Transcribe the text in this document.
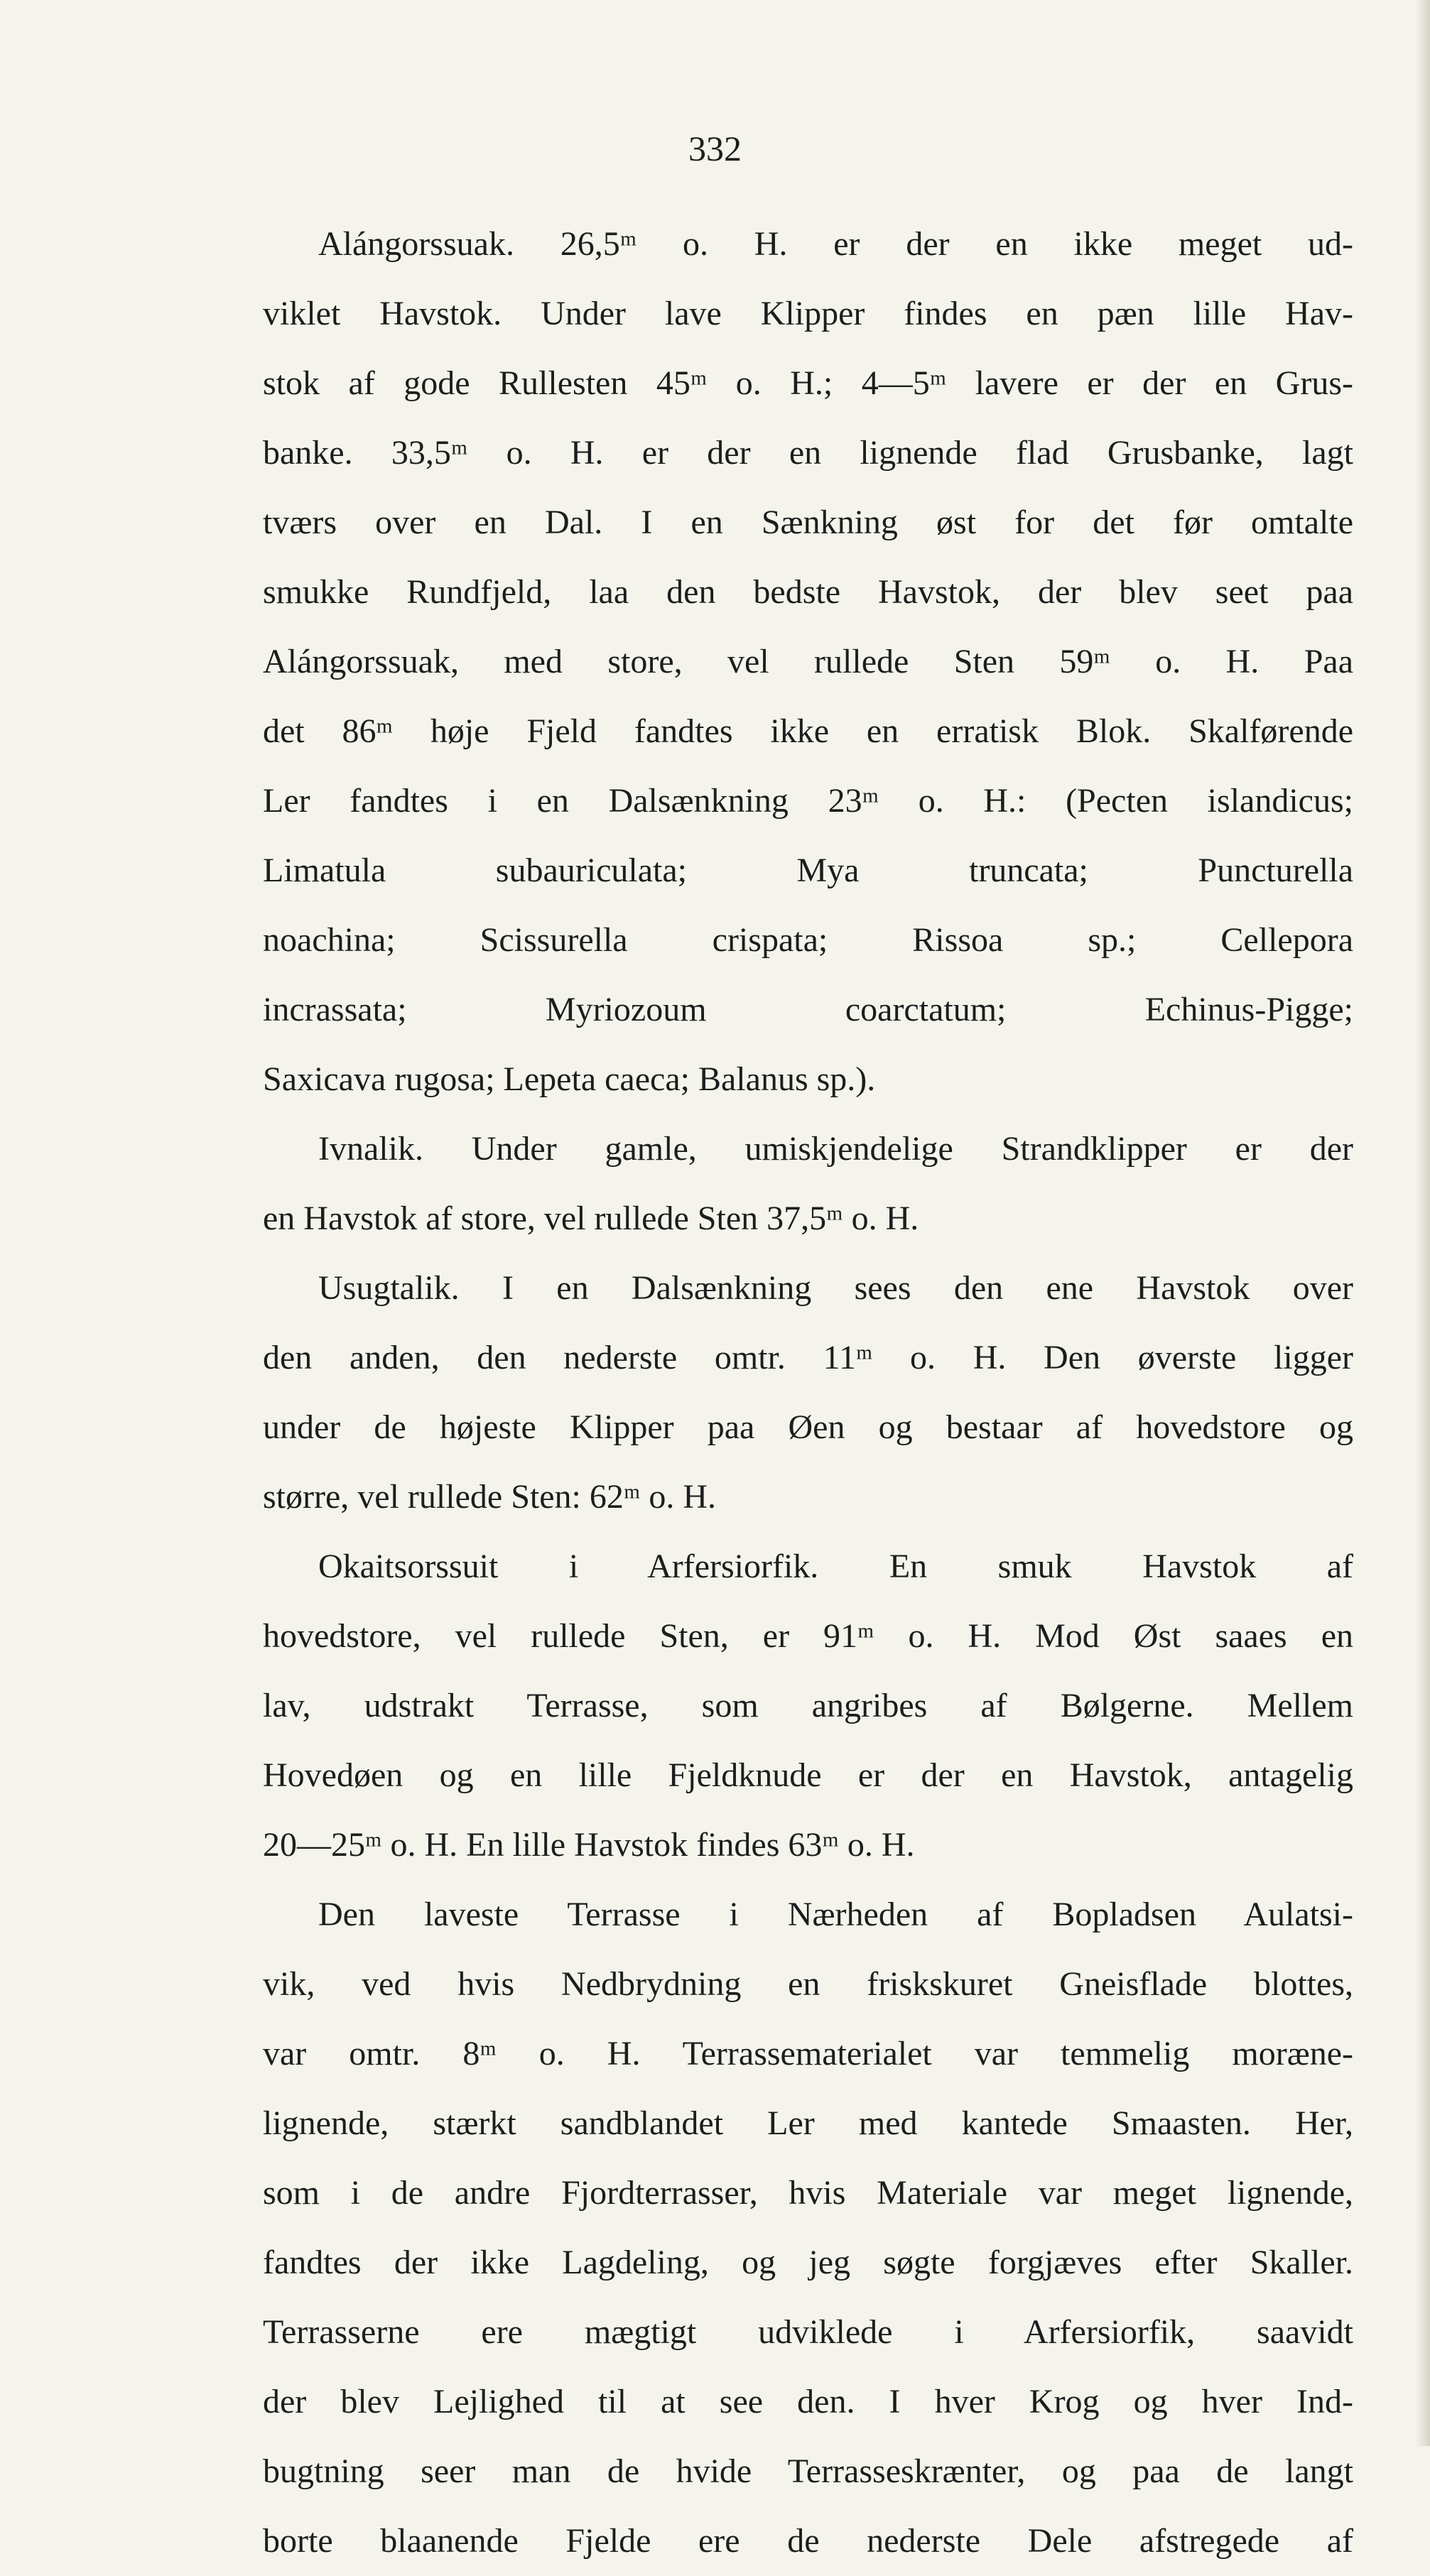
332
Alángorssuak. 26,5ᵐ o. H. er der en ikke meget ud-
viklet Havstok. Under lave Klipper findes en pæn lille Hav-
stok af gode Rullesten 45ᵐ o. H.; 4—5ᵐ lavere er der en Grus-
banke. 33,5ᵐ o. H. er der en lignende flad Grusbanke, lagt
tværs over en Dal. I en Sænkning øst for det før omtalte
smukke Rundfjeld, laa den bedste Havstok, der blev seet paa
Alángorssuak, med store, vel rullede Sten 59ᵐ o. H. Paa
det 86ᵐ høje Fjeld fandtes ikke en erratisk Blok. Skalførende
Ler fandtes i en Dalsænkning 23ᵐ o. H.: (Pecten islandicus;
Limatula subauriculata; Mya truncata; Puncturella
noachina; Scissurella crispata; Rissoa sp.; Cellepora
incrassata; Myriozoum coarctatum; Echinus-Pigge;
Saxicava rugosa; Lepeta caeca; Balanus sp.).
Ivnalik. Under gamle, umiskjendelige Strandklipper er der
en Havstok af store, vel rullede Sten 37,5ᵐ o. H.
Usugtalik. I en Dalsænkning sees den ene Havstok over
den anden, den nederste omtr. 11ᵐ o. H. Den øverste ligger
under de højeste Klipper paa Øen og bestaar af hovedstore og
større, vel rullede Sten: 62ᵐ o. H.
Okaitsorssuit i Arfersiorfik. En smuk Havstok af
hovedstore, vel rullede Sten, er 91ᵐ o. H. Mod Øst saaes en
lav, udstrakt Terrasse, som angribes af Bølgerne. Mellem
Hovedøen og en lille Fjeldknude er der en Havstok, antagelig
20—25ᵐ o. H. En lille Havstok findes 63ᵐ o. H.
Den laveste Terrasse i Nærheden af Bopladsen Aulatsi-
vik, ved hvis Nedbrydning en friskskuret Gneisflade blottes,
var omtr. 8ᵐ o. H. Terrassematerialet var temmelig moræne-
lignende, stærkt sandblandet Ler med kantede Smaasten. Her,
som i de andre Fjordterrasser, hvis Materiale var meget lignende,
fandtes der ikke Lagdeling, og jeg søgte forgjæves efter Skaller.
Terrasserne ere mægtigt udviklede i Arfersiorfik, saavidt
der blev Lejlighed til at see den. I hver Krog og hver Ind-
bugtning seer man de hvide Terrasseskrænter, og paa de langt
borte blaanende Fjelde ere de nederste Dele afstregede af
